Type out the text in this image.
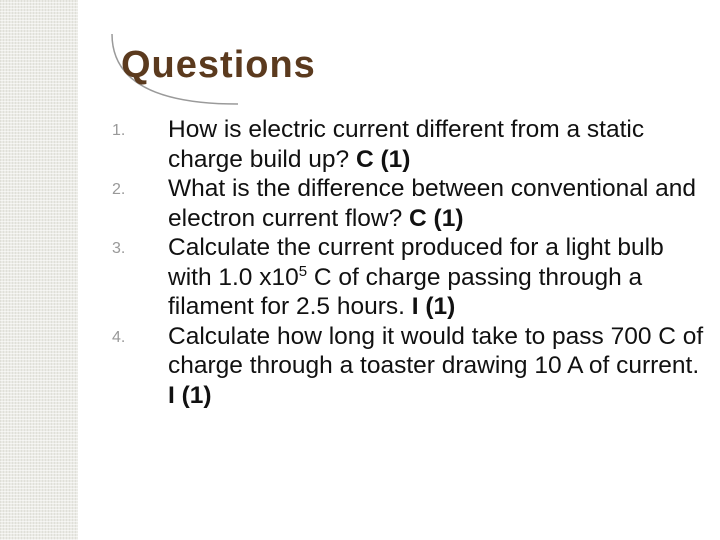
Questions
1. How is electric current different from a static charge build up? C (1)
2. What is the difference between conventional and electron current flow? C (1)
3. Calculate the current produced for a light bulb with 1.0 $x10^5$ C of charge passing through a filament for 2.5 hours. I (1)
4. Calculate how long it would take to pass 700 C of charge through a toaster drawing 10 A of current. I (1)
